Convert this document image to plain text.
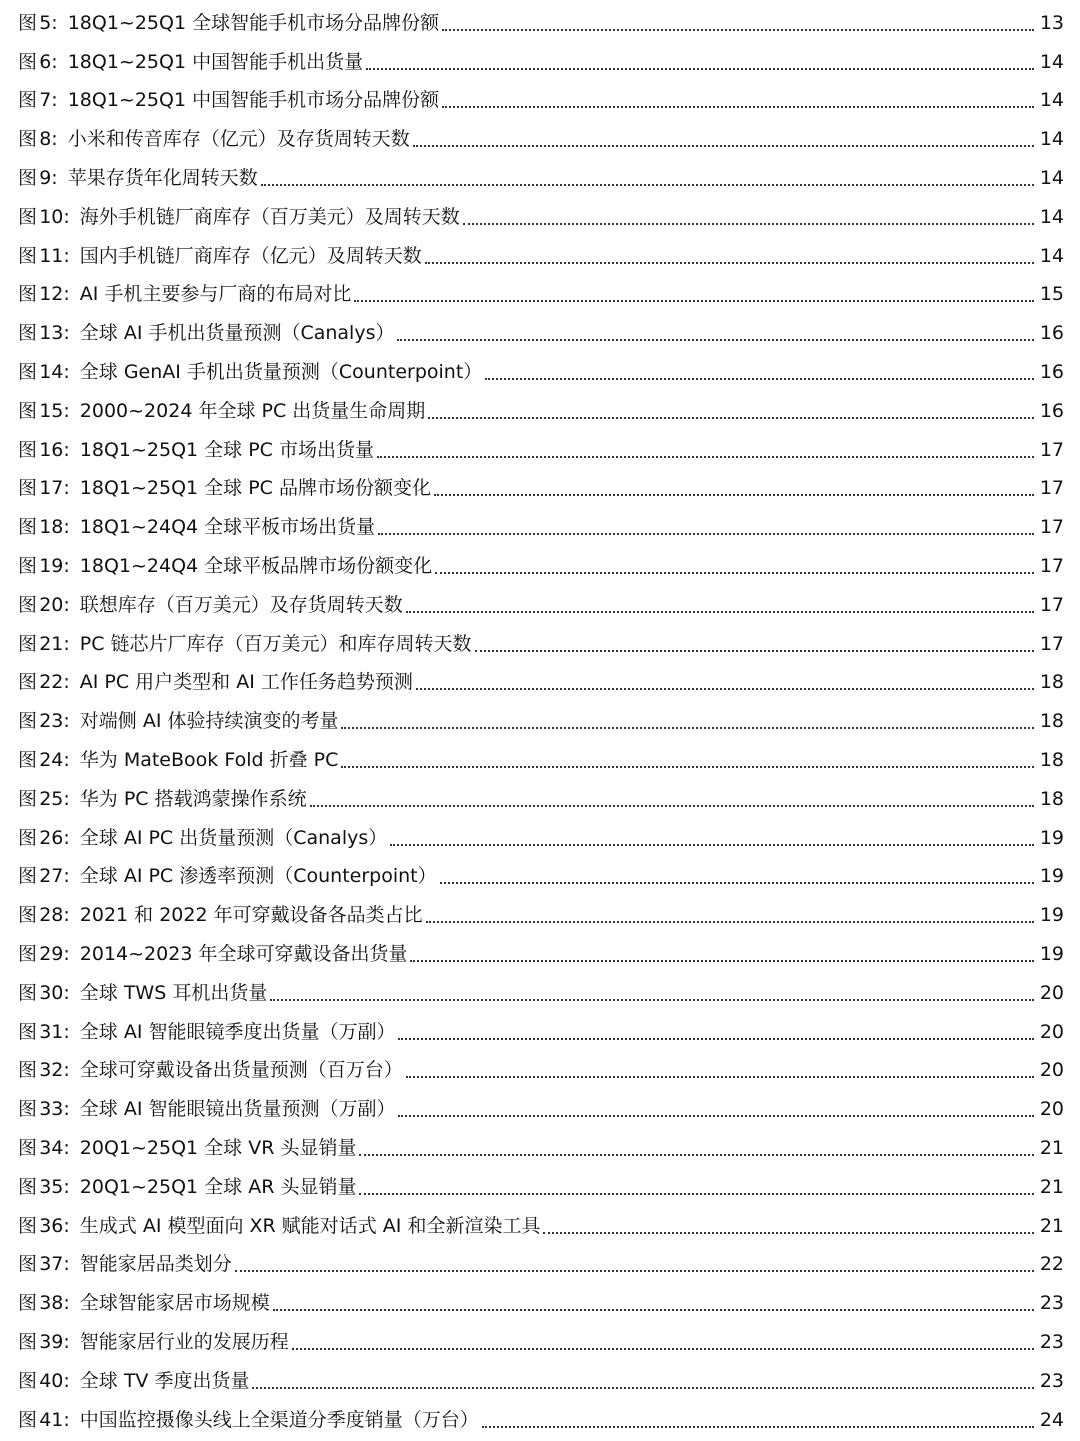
图 5: 18Q1~25Q1 全球智能手机市场分品牌份额	13
图 6: 18Q1~25Q1 中国智能手机出货量	14
图 7: 18Q1~25Q1 中国智能手机市场分品牌份额	14
图 8: 小米和传音库存（亿元）及存货周转天数	14
图 9: 苹果存货年化周转天数	14
图 10: 海外手机链厂商库存（百万美元）及周转天数	14
图 11: 国内手机链厂商库存（亿元）及周转天数	14
图 12: AI 手机主要参与厂商的布局对比	15
图 13: 全球 AI 手机出货量预测（Canalys）	16
图 14: 全球 GenAI 手机出货量预测（Counterpoint）	16
图 15: 2000~2024 年全球 PC 出货量生命周期	16
图 16: 18Q1~25Q1 全球 PC 市场出货量	17
图 17: 18Q1~25Q1 全球 PC 品牌市场份额变化	17
图 18: 18Q1~24Q4 全球平板市场出货量	17
图 19: 18Q1~24Q4 全球平板品牌市场份额变化	17
图 20: 联想库存（百万美元）及存货周转天数	17
图 21: PC 链芯片厂库存（百万美元）和库存周转天数	17
图 22: AI PC 用户类型和 AI 工作任务趋势预测	18
图 23: 对端侧 AI 体验持续演变的考量	18
图 24: 华为 MateBook Fold 折叠 PC	18
图 25: 华为 PC 搭载鸿蒙操作系统	18
图 26: 全球 AI PC 出货量预测（Canalys）	19
图 27: 全球 AI PC 渗透率预测（Counterpoint）	19
图 28: 2021 和 2022 年可穿戴设备各品类占比	19
图 29: 2014~2023 年全球可穿戴设备出货量	19
图 30: 全球 TWS 耳机出货量	20
图 31: 全球 AI 智能眼镜季度出货量（万副）	20
图 32: 全球可穿戴设备出货量预测（百万台）	20
图 33: 全球 AI 智能眼镜出货量预测（万副）	20
图 34: 20Q1~25Q1 全球 VR 头显销量	21
图 35: 20Q1~25Q1 全球 AR 头显销量	21
图 36: 生成式 AI 模型面向 XR 赋能对话式 AI 和全新渲染工具	21
图 37: 智能家居品类划分	22
图 38: 全球智能家居市场规模	23
图 39: 智能家居行业的发展历程	23
图 40: 全球 TV 季度出货量	23
图 41: 中国监控摄像头线上全渠道分季度销量（万台）	24
